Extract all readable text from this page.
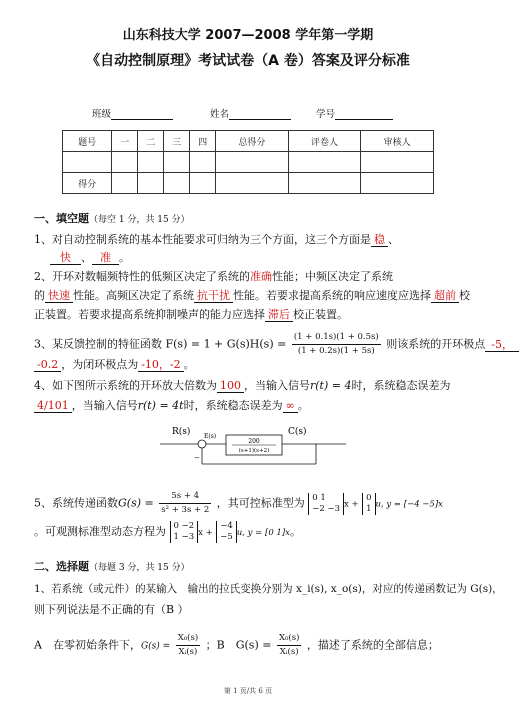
山东科技大学 2007—2008 学年第一学期
《自动控制原理》考试试卷（A 卷）答案及评分标准
班级	姓名	学号
题号	一	二	三	四	总得分	评卷人	审核人

得分							
一、填空题（每空 1 分，共 15 分）
1、对自动控制系统的基本性能要求可归纳为三个方面，这三个方面是 稳 、
快 、 准 。
2、开环对数幅频特性的低频区决定了系统的准确性能；中频区决定了系统
的 快速 性能。高频区决定了系统 抗干扰 性能。若要求提高系统的响应速度应选择 超前 校
正装置。若要求提高系统抑制噪声的能力应选择 滞后 校正装置。
3、某反馈控制的特征函数 $F(s) = 1 + G(s)H(s) = \frac{(1 + 0.1s)(1 + 0.5s)}{(1 + 0.2s)(1 + 5s)}$ 则该系统的开环极点 -5，
-0.2 ，为闭环极点为 -10，-2 。
4、如下图所示系统的开环放大倍数为 100 ，当输入信号r(t) = 4时，系统稳态误差为
4/101 ，当输入信号r(t) = 4t时，系统稳态误差为 ∞ 。
R(s) E(s)	C(s)
200
(s+1)(s+2)
−
5、系统传递函数$G(s) = \frac{5s + 4}{\text{s² + 3s + 2}}$ ，其可控标准型为 0 1
−2 −3 x +
0
1 u, y = [−4 −5]x
。可观测标准型动态方程为 0 −2
1 −3 x +
−4
−5 u, y = [0 1]x。
二、选择题（每题 3 分，共 15 分）
1、若系统（或元件）的某输入　输出的拉氏变换分别为 x_i(s), x_o(s)，对应的传递函数记为 G(s)，
则下列说法是不正确的有（B ）
A　在零初始条件下，$G(s) = \frac{\text{X₀(s)}}{\text{Xᵢ(s)}}$ ；B　$G(s) = \frac{\text{X₀(s)}}{\text{Xᵢ(s)}}$ ，描述了系统的全部信息；
第 1 页/共 6 页
